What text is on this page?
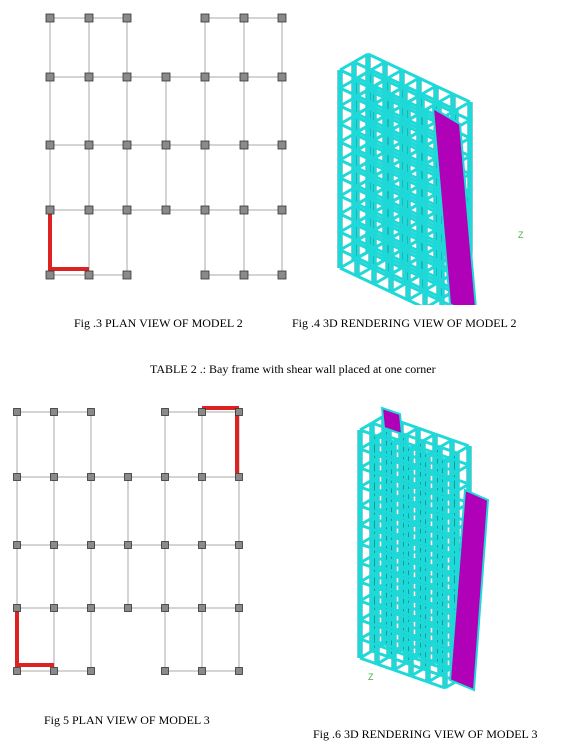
Z
Fig .3 PLAN VIEW OF MODEL 2	Fig .4 3D RENDERING VIEW OF MODEL 2
TABLE 2 .: Bay frame with shear wall placed at one corner
Z
Fig 5 PLAN VIEW OF MODEL 3
Fig .6 3D RENDERING VIEW OF MODEL 3
